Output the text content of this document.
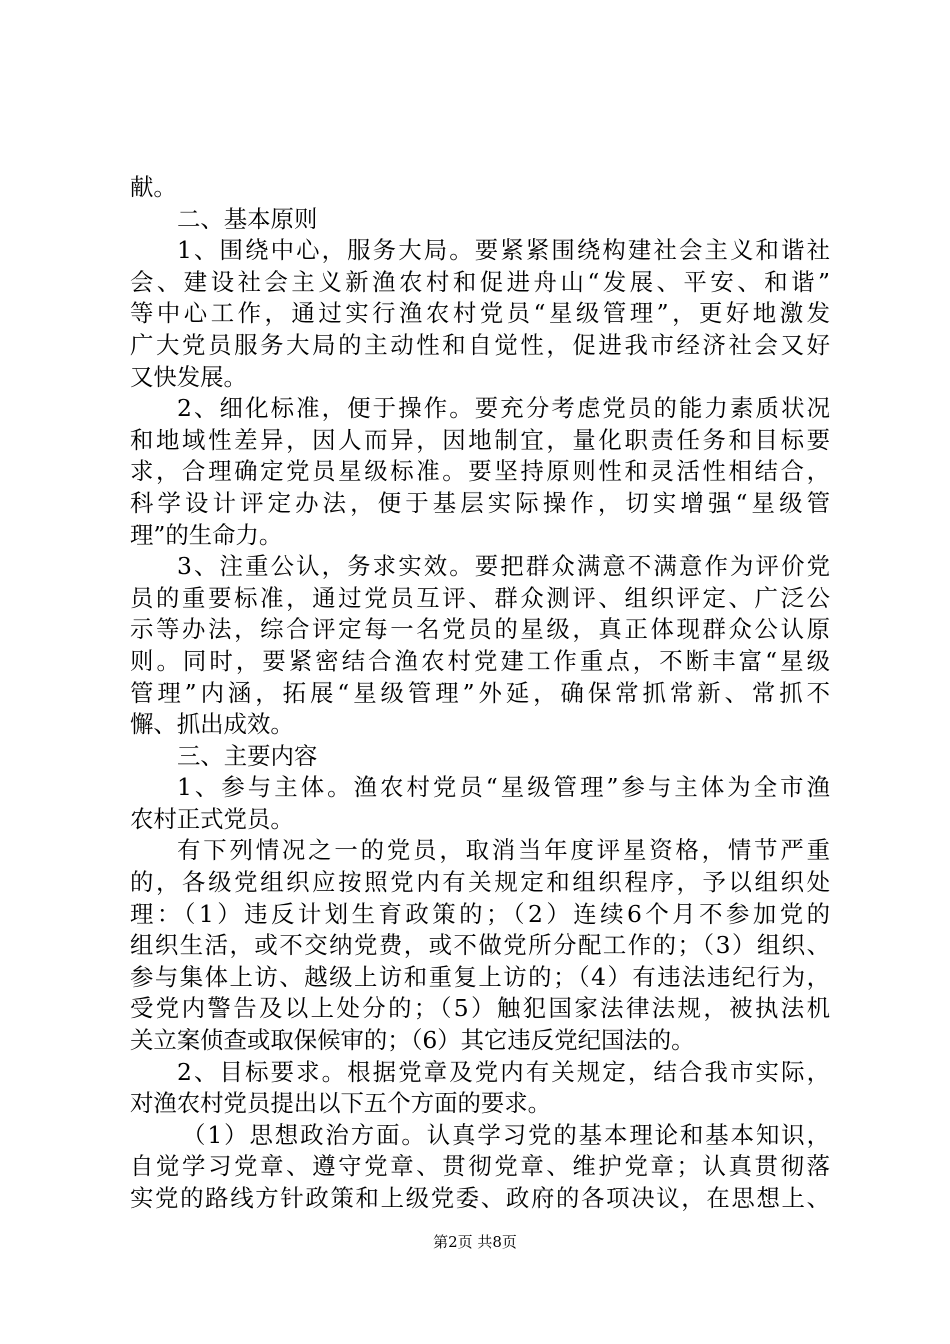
献。
二、基本原则
1、围绕中心，服务大局。要紧紧围绕构建社会主义和谐社
会、建设社会主义新渔农村和促进舟山“发展、平安、和谐”
等中心工作，通过实行渔农村党员“星级管理”，更好地激发
广大党员服务大局的主动性和自觉性，促进我市经济社会又好
又快发展。
2、细化标准，便于操作。要充分考虑党员的能力素质状况
和地域性差异，因人而异，因地制宜，量化职责任务和目标要
求，合理确定党员星级标准。要坚持原则性和灵活性相结合，
科学设计评定办法，便于基层实际操作，切实增强“星级管
理”的生命力。
3、注重公认，务求实效。要把群众满意不满意作为评价党
员的重要标准，通过党员互评、群众测评、组织评定、广泛公
示等办法，综合评定每一名党员的星级，真正体现群众公认原
则。同时，要紧密结合渔农村党建工作重点，不断丰富“星级
管理”内涵，拓展“星级管理”外延，确保常抓常新、常抓不
懈、抓出成效。
三、主要内容
1、参与主体。渔农村党员“星级管理”参与主体为全市渔
农村正式党员。
有下列情况之一的党员，取消当年度评星资格，情节严重
的，各级党组织应按照党内有关规定和组织程序，予以组织处
理：（1）违反计划生育政策的；（2）连续6个月不参加党的
组织生活，或不交纳党费，或不做党所分配工作的；（3）组织、
参与集体上访、越级上访和重复上访的；（4）有违法违纪行为，
受党内警告及以上处分的；（5）触犯国家法律法规，被执法机
关立案侦查或取保候审的；（6）其它违反党纪国法的。
2、目标要求。根据党章及党内有关规定，结合我市实际，
对渔农村党员提出以下五个方面的要求。
（1）思想政治方面。认真学习党的基本理论和基本知识，
自觉学习党章、遵守党章、贯彻党章、维护党章；认真贯彻落
实党的路线方针政策和上级党委、政府的各项决议，在思想上、
第2页 共8页
